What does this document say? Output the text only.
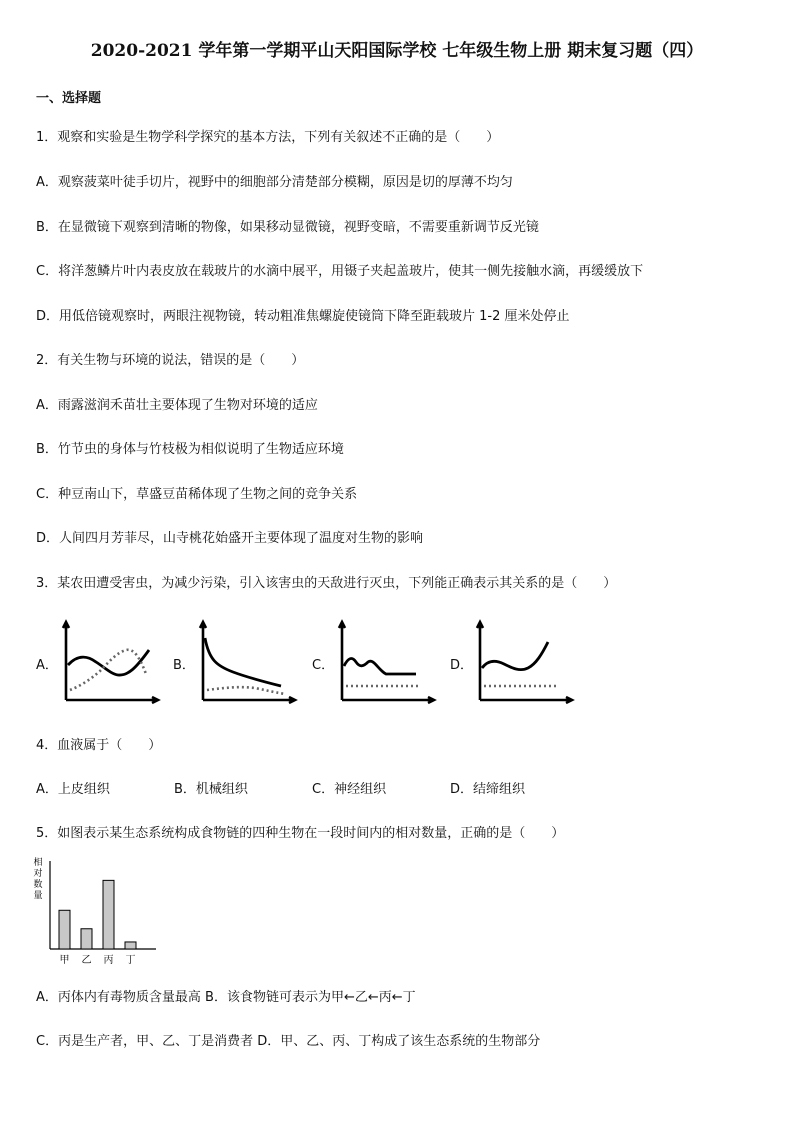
2020-2021 学年第一学期平山天阳国际学校 七年级生物上册 期末复习题（四）
一、选择题
1．观察和实验是生物学科学探究的基本方法，下列有关叙述不正确的是（　　）
A．观察菠菜叶徒手切片，视野中的细胞部分清楚部分模糊，原因是切的厚薄不均匀
B．在显微镜下观察到清晰的物像，如果移动显微镜，视野变暗，不需要重新调节反光镜
C．将洋葱鳞片叶内表皮放在载玻片的水滴中展平，用镊子夹起盖玻片，使其一侧先接触水滴，再缓缓放下
D．用低倍镜观察时，两眼注视物镜，转动粗准焦螺旋使镜筒下降至距载玻片 1-2 厘米处停止
2．有关生物与环境的说法，错误的是（　　）
A．雨露滋润禾苗壮主要体现了生物对环境的适应
B．竹节虫的身体与竹枝极为相似说明了生物适应环境
C．种豆南山下，草盛豆苗稀体现了生物之间的竞争关系
D．人间四月芳菲尽，山寺桃花始盛开主要体现了温度对生物的影响
3．某农田遭受害虫，为减少污染，引入该害虫的天敌进行灭虫，下列能正确表示其关系的是（　　）
A．	B．	C．	D．
4．血液属于（　　）
A．上皮组织	B．机械组织	C．神经组织	D．结缔组织
5．如图表示某生态系统构成食物链的四种生物在一段时间内的相对数量，正确的是（　　）
相
对
数
量
甲 乙 丙 丁
A．丙体内有毒物质含量最高 B．该食物链可表示为甲←乙←丙←丁
C．丙是生产者，甲、乙、丁是消费者 D．甲、乙、丙、丁构成了该生态系统的生物部分
